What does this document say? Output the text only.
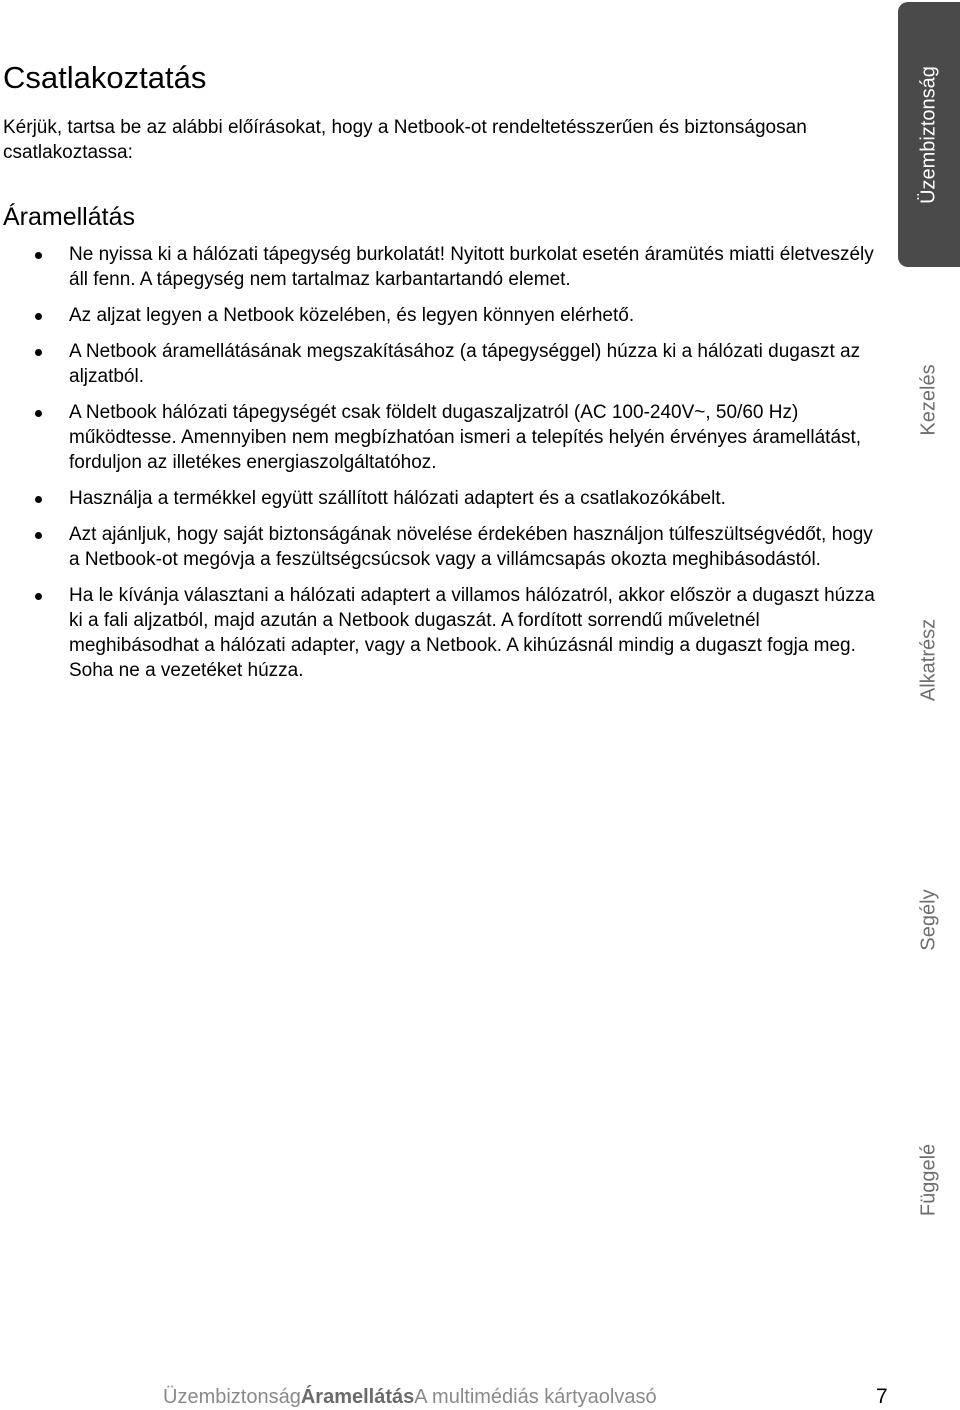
Csatlakoztatás

Kérjük, tartsa be az alábbi előírásokat, hogy a Netbook-ot rendeltetésszerűen és biztonságosan csatlakoztassa:

Áramellátás
Ne nyissa ki a hálózati tápegység burkolatát! Nyitott burkolat esetén áramütés miatti életveszély áll fenn. A tápegység nem tartalmaz karbantartandó elemet.
Az aljzat legyen a Netbook közelében, és legyen könnyen elérhető.
A Netbook áramellátásának megszakításához (a tápegységgel) húzza ki a hálózati dugaszt az aljzatból.
A Netbook hálózati tápegységét csak földelt dugaszaljzatról (AC 100-240V~, 50/60 Hz) működtesse. Amennyiben nem megbízhatóan ismeri a telepítés helyén érvényes áramellátást, forduljon az illetékes energiaszolgáltatóhoz.
Használja a termékkel együtt szállított hálózati adaptert és a csatlakozókábelt.
Azt ajánljuk, hogy saját biztonságának növelése érdekében használjon túlfeszültségvédőt, hogy a Netbook-ot megóvja a feszültségcsúcsok vagy a villámcsapás okozta meghibásodástól.
Ha le kívánja választani a hálózati adaptert a villamos hálózatról, akkor először a dugaszt húzza ki a fali aljzatból, majd azután a Netbook dugaszát. A fordított sorrendű műveletnél meghibásodhat a hálózati adapter, vagy a Netbook. A kihúzásnál mindig a dugaszt fogja meg. Soha ne a vezetéket húzza.
Üzembiztonság
Kezelés
Alkatrész
Segély
Függelé
ÜzembiztonságÁramellátásA multimédiás kártyaolvasó	7
